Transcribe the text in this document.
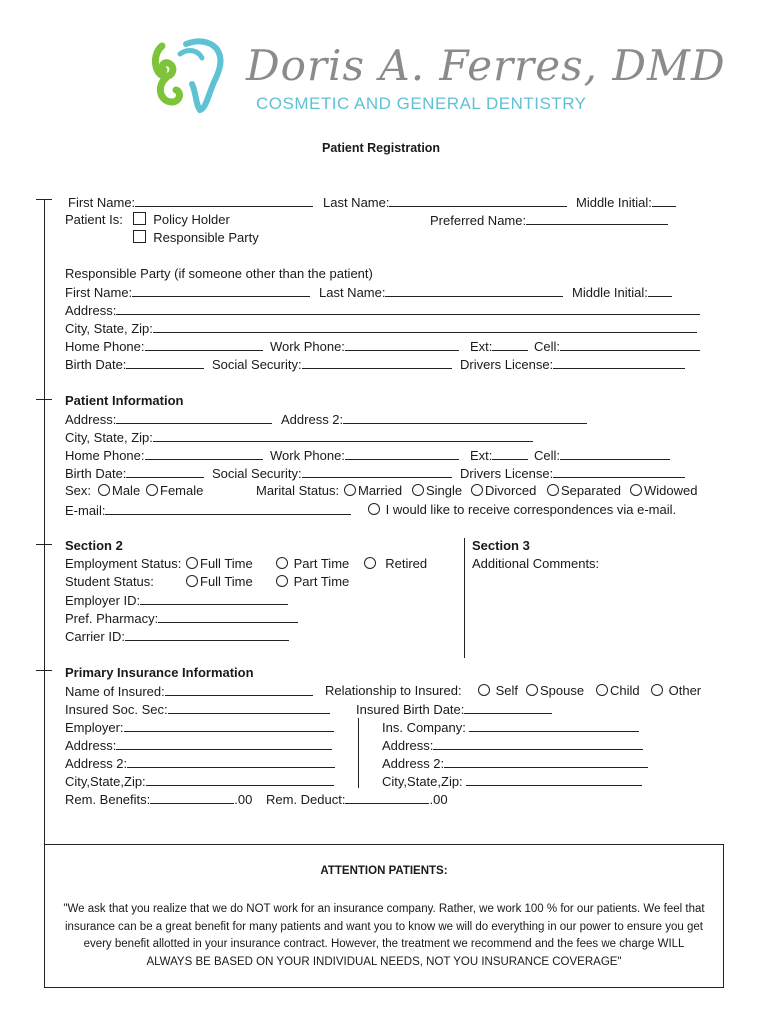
Doris A. Ferres, DMD
COSMETIC AND GENERAL DENTISTRY
Patient Registration
First Name:	Last Name:	Middle Initial:
Patient Is:	Policy Holder
Responsible Party
Preferred Name:
Responsible Party (if someone other than the patient)
First Name:	Last Name:	Middle Initial:
Address:
City, State, Zip:
Home Phone:	Work Phone:	Ext:	Cell:
Birth Date:	Social Security:	Drivers License:
Patient Information
Address:	Address 2:
City, State, Zip:
Home Phone:	Work Phone:	Ext:	Cell:
Birth Date:	Social Security:	Drivers License:
Sex:	Male	Female	Marital Status:	Married	Single	Divorced	Separated	Widowed
E-mail:	I would like to receive correspondences via e-mail.
Section 2
Employment Status:	Full Time	Part Time	Retired
Student Status:	Full Time	Part Time
Employer ID:
Pref. Pharmacy:
Carrier ID:
Section 3
Additional Comments:
Primary Insurance Information
Name of Insured:	Relationship to Insured:	Self	Spouse	Child	Other
Insured Soc. Sec:	Insured Birth Date:
Employer:	Ins. Company:
Address:	Address:
Address 2:	Address 2:
City,State,Zip:	City,State,Zip:
Rem. Benefits:	.00 Rem. Deduct:	.00
ATTENTION PATIENTS:
"We ask that you realize that we do NOT work for an insurance company. Rather, we work 100 % for our patients. We feel that insurance can be a great benefit for many patients and want you to know we will do everything in our power to ensure you get every benefit allotted in your insurance contract. However, the treatment we recommend and the fees we charge WILL ALWAYS BE BASED ON YOUR INDIVIDUAL NEEDS, NOT YOU INSURANCE COVERAGE"
